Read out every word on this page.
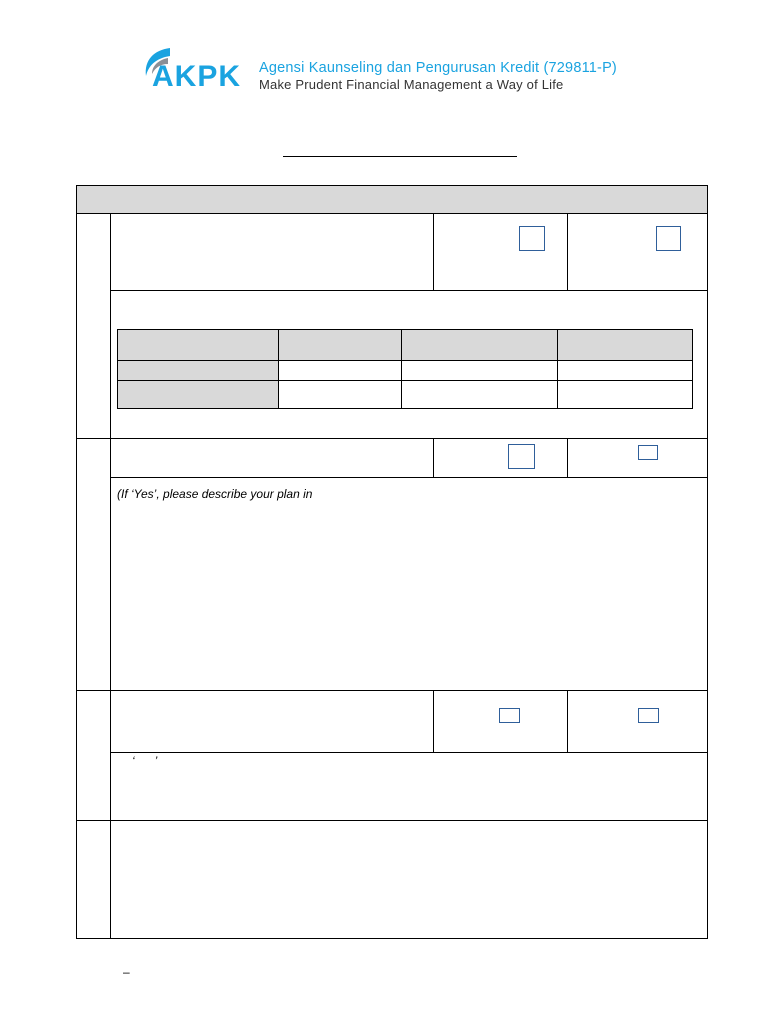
AKPK Agensi Kaunseling dan Pengurusan Kredit (729811-P)
Make Prudent Financial Management a Way of Life
(If ‘Yes’, please describe your plan in
‘      ’
–
